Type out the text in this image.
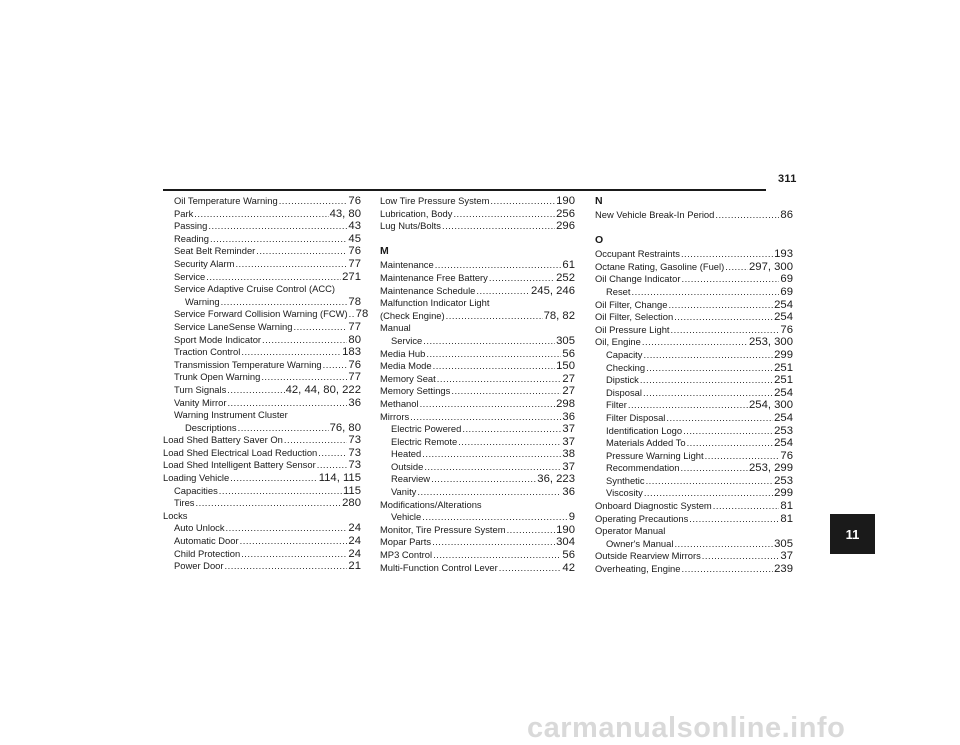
311
Oil Temperature Warning .....	76
Park .....	43, 80
Passing .....	43
Reading .....	45
Seat Belt Reminder .....	76
Security Alarm .....	77
Service .....	271
Service Adaptive Cruise Control (ACC)
Warning .....	78
Service Forward Collision Warning (FCW) ..... 78
Service LaneSense Warning .....	77
Sport Mode Indicator .....	80
Traction Control .....	183
Transmission Temperature Warning ..... 76
Trunk Open Warning .....	77
Turn Signals .....	42, 44, 80, 222
Vanity Mirror .....	36
Warning Instrument Cluster
Descriptions .....	76, 80
Load Shed Battery Saver On .....	73
Load Shed Electrical Load Reduction .....	73
Load Shed Intelligent Battery Sensor .....	73
Loading Vehicle .....	114, 115
Capacities .....	115
Tires .....	280
Locks
Auto Unlock .....	24
Automatic Door .....	24
Child Protection .....	24
Power Door .....	21
Low Tire Pressure System .....	190
Lubrication, Body .....	256
Lug Nuts/Bolts .....	296
M
Maintenance .....	61
Maintenance Free Battery .....	252
Maintenance Schedule .....	245, 246
Malfunction Indicator Light
(Check Engine) .....	78, 82
Manual
Service .....	305
Media Hub .....	56
Media Mode .....	150
Memory Seat .....	27
Memory Settings .....	27
Methanol .....	298
Mirrors .....	36
Electric Powered .....	37
Electric Remote .....	37
Heated .....	38
Outside .....	37
Rearview .....	36, 223
Vanity .....	36
Modifications/Alterations
Vehicle .....	9
Monitor, Tire Pressure System .....	190
Mopar Parts .....	304
MP3 Control .....	56
Multi-Function Control Lever .....	42
N
New Vehicle Break-In Period .....	86
O
Occupant Restraints .....	193
Octane Rating, Gasoline (Fuel) ..... 297, 300
Oil Change Indicator .....	69
Reset .....	69
Oil Filter, Change .....	254
Oil Filter, Selection .....	254
Oil Pressure Light .....	76
Oil, Engine .....	253, 300
Capacity .....	299
Checking .....	251
Dipstick .....	251
Disposal .....	254
Filter .....	254, 300
Filter Disposal .....	254
Identification Logo .....	253
Materials Added To .....	254
Pressure Warning Light .....	76
Recommendation .....	253, 299
Synthetic .....	253
Viscosity .....	299
Onboard Diagnostic System .....	81
Operating Precautions .....	81
Operator Manual
Owner's Manual .....	305
Outside Rearview Mirrors .....	37
Overheating, Engine .....	239
11
carmanualsonline.info
